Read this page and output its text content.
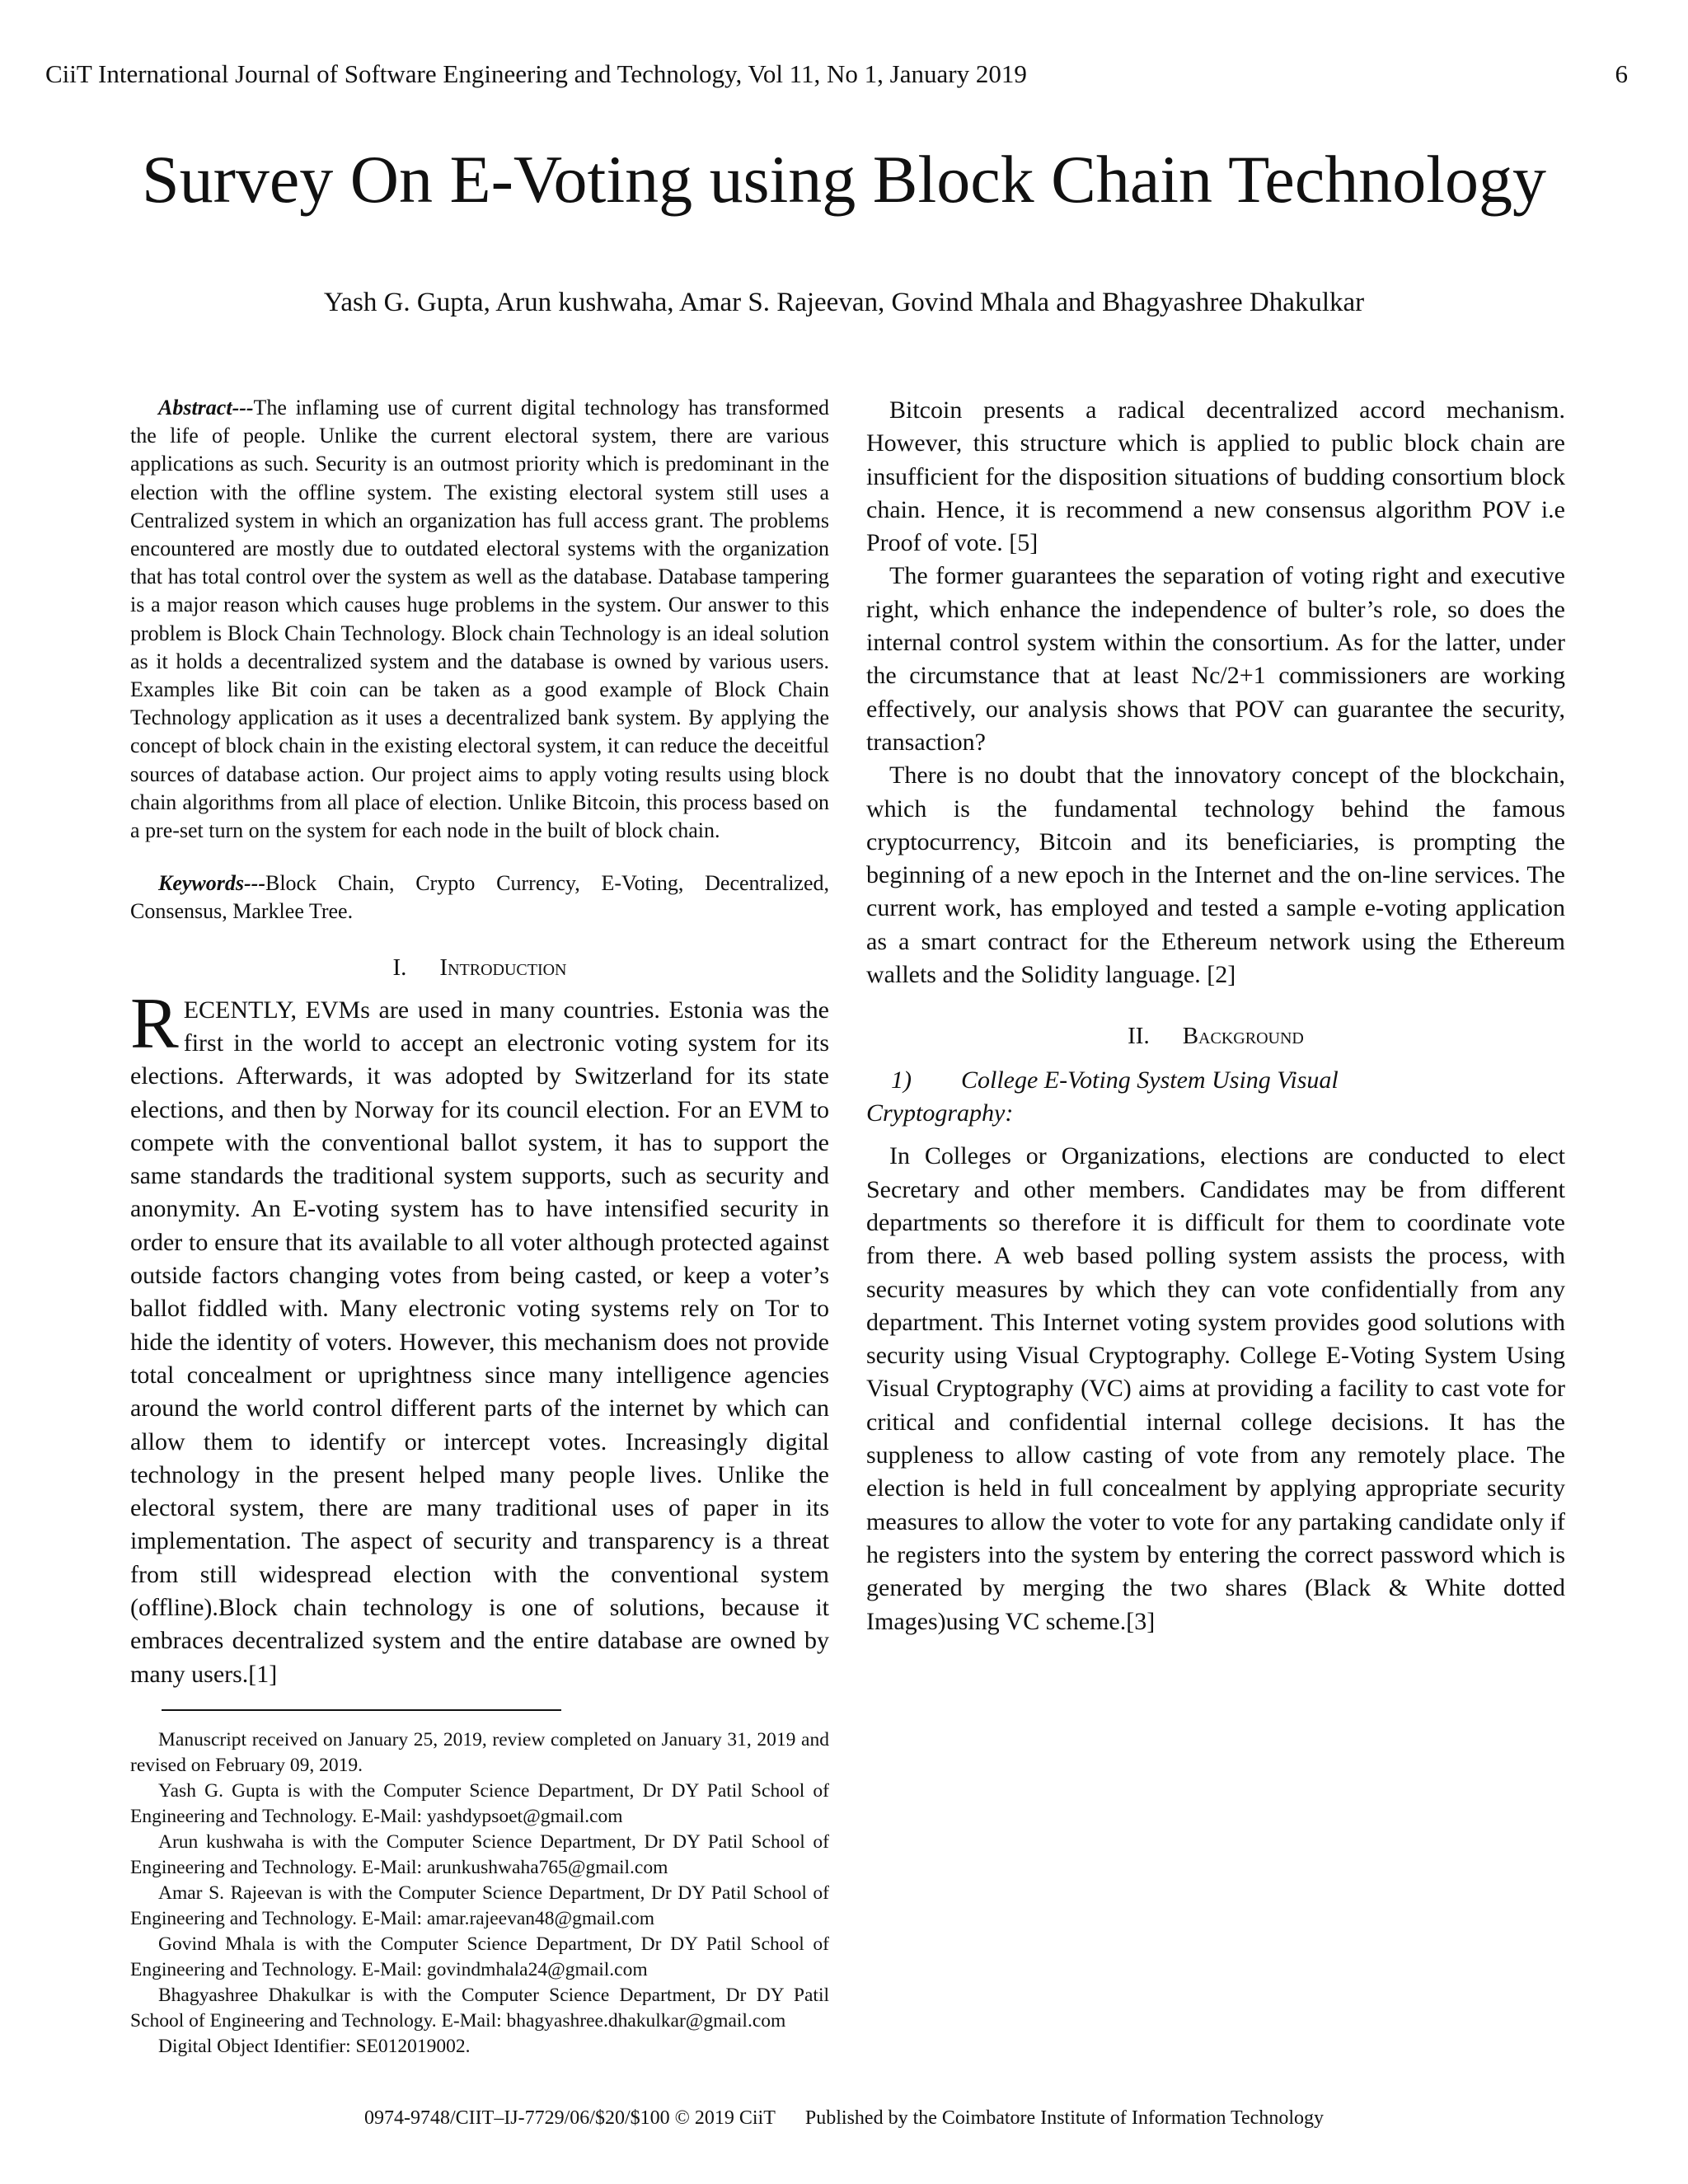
CiiT International Journal of Software Engineering and Technology, Vol 11, No 1, January 2019	6
Survey On E-Voting using Block Chain Technology
Yash G. Gupta, Arun kushwaha, Amar S. Rajeevan, Govind Mhala and Bhagyashree Dhakulkar

Abstract---The inflaming use of current digital technology has transformed the life of people. Unlike the current electoral system, there are various applications as such. Security is an outmost priority which is predominant in the election with the offline system. The existing electoral system still uses a Centralized system in which an organization has full access grant. The problems encountered are mostly due to outdated electoral systems with the organization that has total control over the system as well as the database. Database tampering is a major reason which causes huge problems in the system. Our answer to this problem is Block Chain Technology. Block chain Technology is an ideal solution as it holds a decentralized system and the database is owned by various users. Examples like Bit coin can be taken as a good example of Block Chain Technology application as it uses a decentralized bank system. By applying the concept of block chain in the existing electoral system, it can reduce the deceitful sources of database action. Our project aims to apply voting results using block chain algorithms from all place of election. Unlike Bitcoin, this process based on a pre-set turn on the system for each node in the built of block chain.

Keywords---Block Chain, Crypto Currency, E-Voting, Decentralized, Consensus, Marklee Tree.

I. Introduction

RECENTLY, EVMs are used in many countries. Estonia was the first in the world to accept an electronic voting system for its elections. Afterwards, it was adopted by Switzerland for its state elections, and then by Norway for its council election. For an EVM to compete with the conventional ballot system, it has to support the same standards the traditional system supports, such as security and anonymity. An E-voting system has to have intensified security in order to ensure that its available to all voter although protected against outside factors changing votes from being casted, or keep a voter’s ballot fiddled with. Many electronic voting systems rely on Tor to hide the identity of voters. However, this mechanism does not provide total concealment or uprightness since many intelligence agencies around the world control different parts of the internet by which can allow them to identify or intercept votes. Increasingly digital technology in the present helped many people lives. Unlike the electoral system, there are many traditional uses of paper in its implementation. The aspect of security and transparency is a threat from still widespread election with the conventional system (offline).Block chain technology is one of solutions, because it embraces decentralized system and the entire database are owned by many users.[1]

Manuscript received on January 25, 2019, review completed on January 31, 2019 and revised on February 09, 2019.

Yash G. Gupta is with the Computer Science Department, Dr DY Patil School of Engineering and Technology. E-Mail: yashdypsoet@gmail.com

Arun kushwaha is with the Computer Science Department, Dr DY Patil School of Engineering and Technology. E-Mail: arunkushwaha765@gmail.com

Amar S. Rajeevan is with the Computer Science Department, Dr DY Patil School of Engineering and Technology. E-Mail: amar.rajeevan48@gmail.com

Govind Mhala is with the Computer Science Department, Dr DY Patil School of Engineering and Technology. E-Mail: govindmhala24@gmail.com

Bhagyashree Dhakulkar is with the Computer Science Department, Dr DY Patil School of Engineering and Technology. E-Mail: bhagyashree.dhakulkar@gmail.com

Digital Object Identifier: SE012019002.

Bitcoin presents a radical decentralized accord mechanism. However, this structure which is applied to public block chain are insufficient for the disposition situations of budding consortium block chain. Hence, it is recommend a new consensus algorithm POV i.e Proof of vote. [5]

The former guarantees the separation of voting right and executive right, which enhance the independence of bulter’s role, so does the internal control system within the consortium. As for the latter, under the circumstance that at least Nc/2+1 commissioners are working effectively, our analysis shows that POV can guarantee the security, transaction?

There is no doubt that the innovatory concept of the blockchain, which is the fundamental technology behind the famous cryptocurrency, Bitcoin and its beneficiaries, is prompting the beginning of a new epoch in the Internet and the on-line services. The current work, has employed and tested a sample e-voting application as a smart contract for the Ethereum network using the Ethereum wallets and the Solidity language. [2]

II. Background
1) College E-Voting System Using Visual
Cryptography:

In Colleges or Organizations, elections are conducted to elect Secretary and other members. Candidates may be from different departments so therefore it is difficult for them to coordinate vote from there. A web based polling system assists the process, with security measures by which they can vote confidentially from any department. This Internet voting system provides good solutions with security using Visual Cryptography. College E-Voting System Using Visual Cryptography (VC) aims at providing a facility to cast vote for critical and confidential internal college decisions. It has the suppleness to allow casting of vote from any remotely place. The election is held in full concealment by applying appropriate security measures to allow the voter to vote for any partaking candidate only if he registers into the system by entering the correct password which is generated by merging the two shares (Black & White dotted Images)using VC scheme.[3]

0974-9748/CIIT–IJ-7729/06/$20/$100 © 2019 CiiT Published by the Coimbatore Institute of Information Technology
